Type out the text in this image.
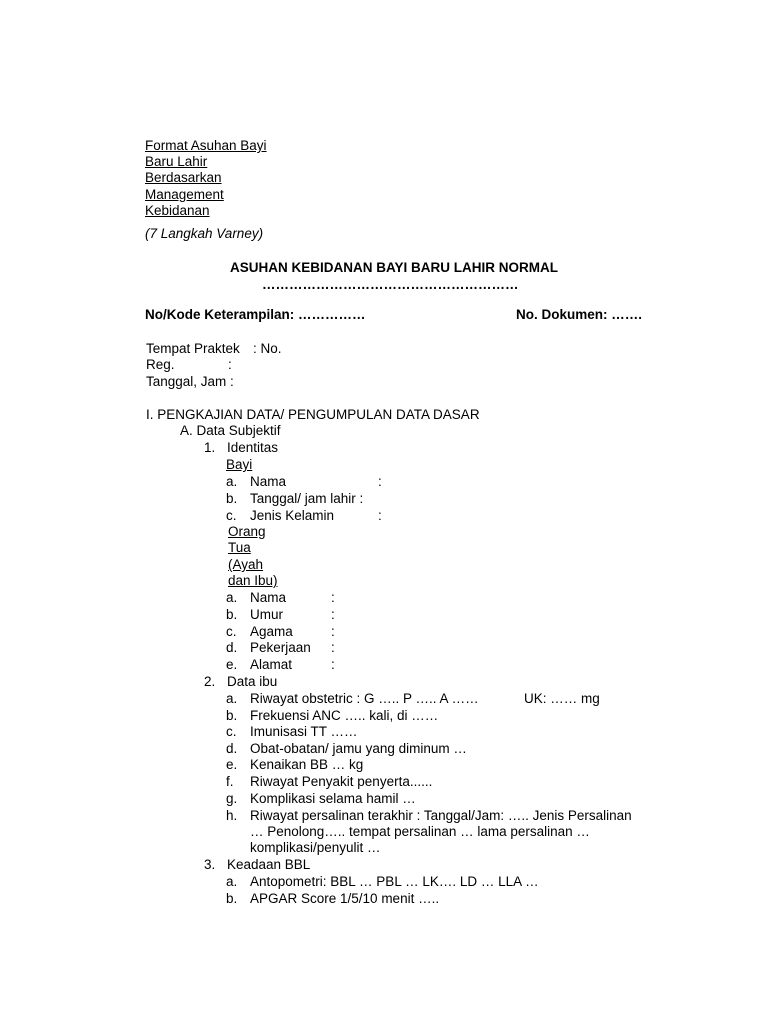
Format Asuhan Bayi
Baru Lahir
Berdasarkan
Management
Kebidanan
(7 Langkah Varney)
ASUHAN KEBIDANAN BAYI BARU LAHIR NORMAL
…………………………………………………
No/Kode Keterampilan: ……………	No. Dokumen: …….
Tempat Praktek : No.
Reg.	:
Tanggal, Jam :
I. PENGKAJIAN DATA/ PENGUMPULAN DATA DASAR
A. Data Subjektif
1. Identitas
Bayi
a. Nama	:
b. Tanggal/ jam lahir :
c. Jenis Kelamin	:
Orang
Tua
(Ayah
dan Ibu)
a. Nama	:
b. Umur	:
c. Agama	:
d. Pekerjaan :
e. Alamat	:
2. Data ibu
a. Riwayat obstetric : G ….. P ….. A ……	UK: …… mg
b. Frekuensi ANC ….. kali, di ……
c. Imunisasi TT ……
d. Obat-obatan/ jamu yang diminum …
e. Kenaikan BB … kg
f. Riwayat Penyakit penyerta......
g. Komplikasi selama hamil …
h. Riwayat persalinan terakhir : Tanggal/Jam: ….. Jenis Persalinan
… Penolong….. tempat persalinan … lama persalinan …
komplikasi/penyulit …
3. Keadaan BBL
a. Antopometri: BBL … PBL … LK…. LD … LLA …
b. APGAR Score 1/5/10 menit …..
